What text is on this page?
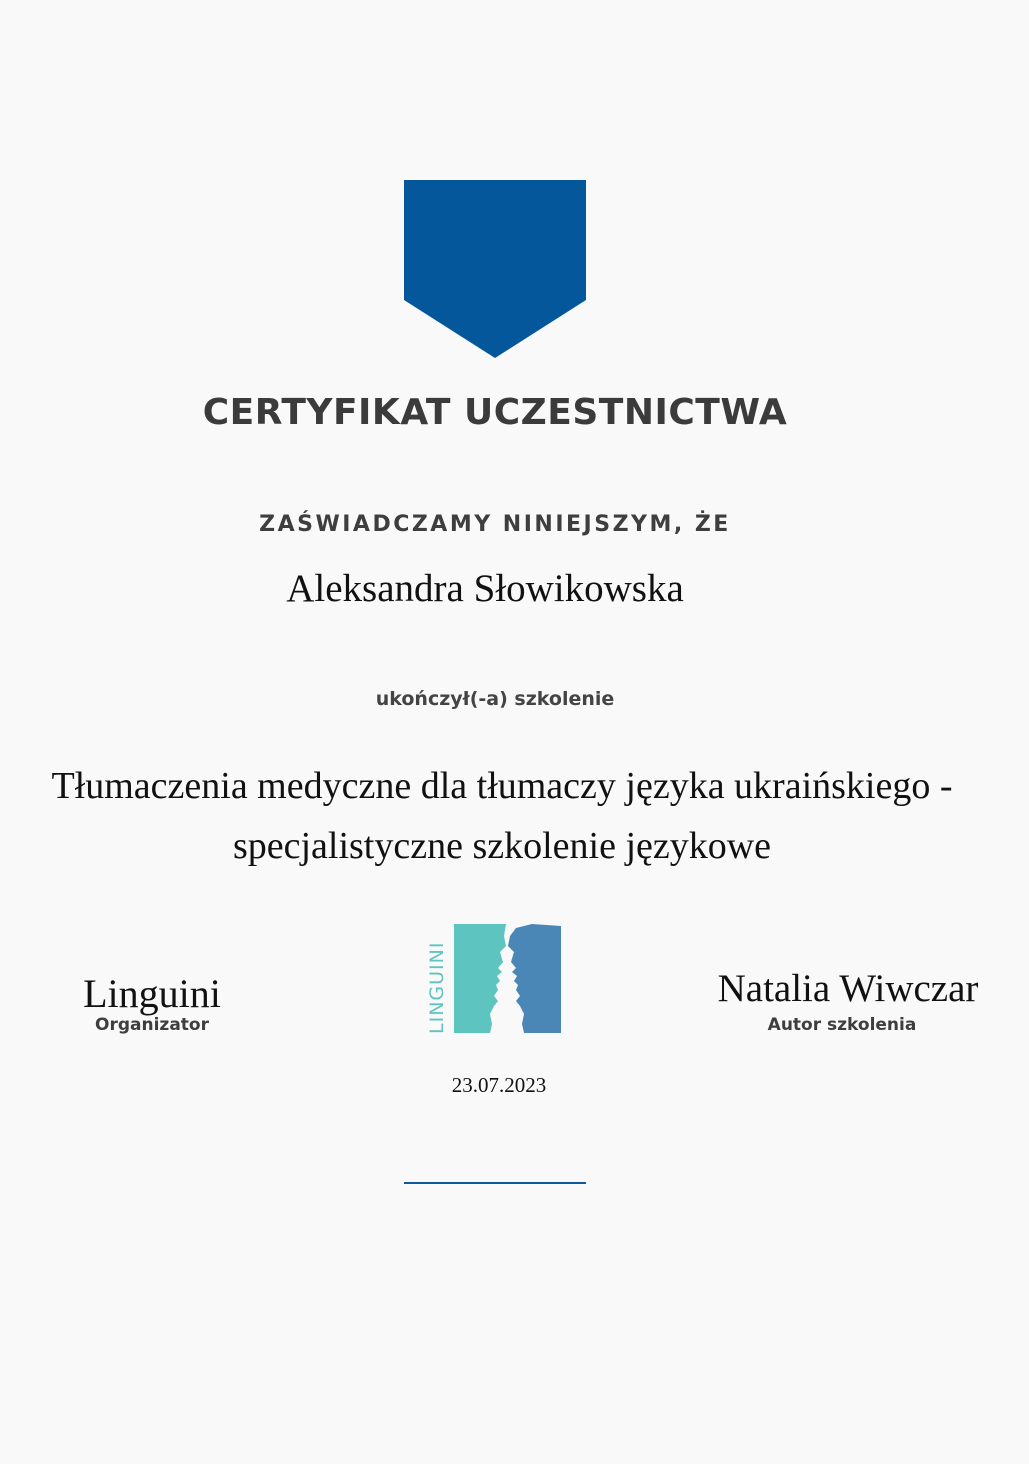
CERTYFIKAT UCZESTNICTWA
ZAŚWIADCZAMY NINIEJSZYM, ŻE
Aleksandra Słowikowska
ukończył(-a) szkolenie
Tłumaczenia medyczne dla tłumaczy języka ukraińskiego -
specjalistyczne szkolenie językowe
Linguini
Organizator	LINGUINI
23.07.2023
Natalia Wiwczar
Autor szkolenia
